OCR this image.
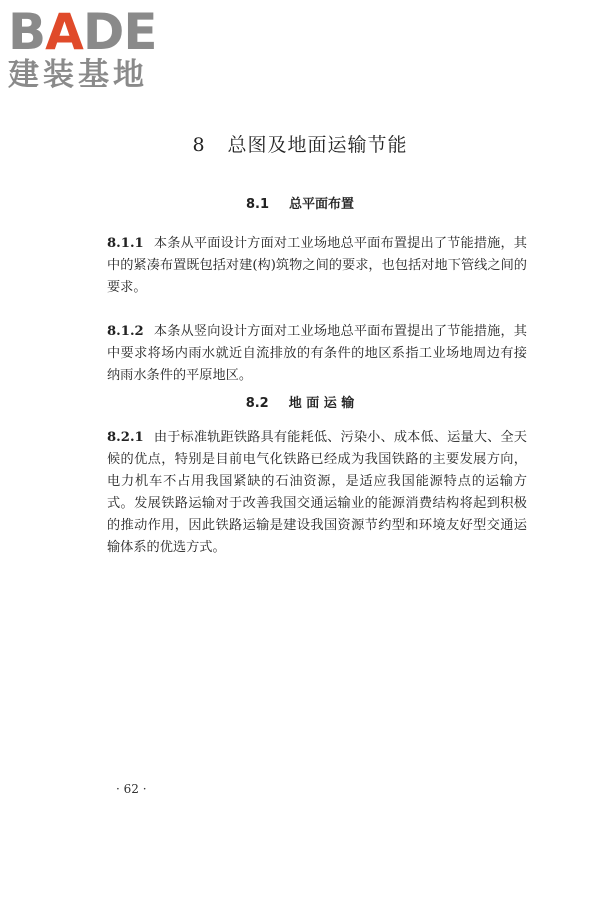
BADE
建装基地
8 总图及地面运输节能
8.1 总平面布置
8.1.1 本条从平面设计方面对工业场地总平面布置提出了节能措施，其中的紧凑布置既包括对建(构)筑物之间的要求，也包括对地下管线之间的要求。
8.1.2 本条从竖向设计方面对工业场地总平面布置提出了节能措施，其中要求将场内雨水就近自流排放的有条件的地区系指工业场地周边有接纳雨水条件的平原地区。
8.2 地 面 运 输
8.2.1 由于标准轨距铁路具有能耗低、污染小、成本低、运量大、全天候的优点，特别是目前电气化铁路已经成为我国铁路的主要发展方向，电力机车不占用我国紧缺的石油资源，是适应我国能源特点的运输方式。发展铁路运输对于改善我国交通运输业的能源消费结构将起到积极的推动作用，因此铁路运输是建设我国资源节约型和环境友好型交通运输体系的优选方式。
· 62 ·
